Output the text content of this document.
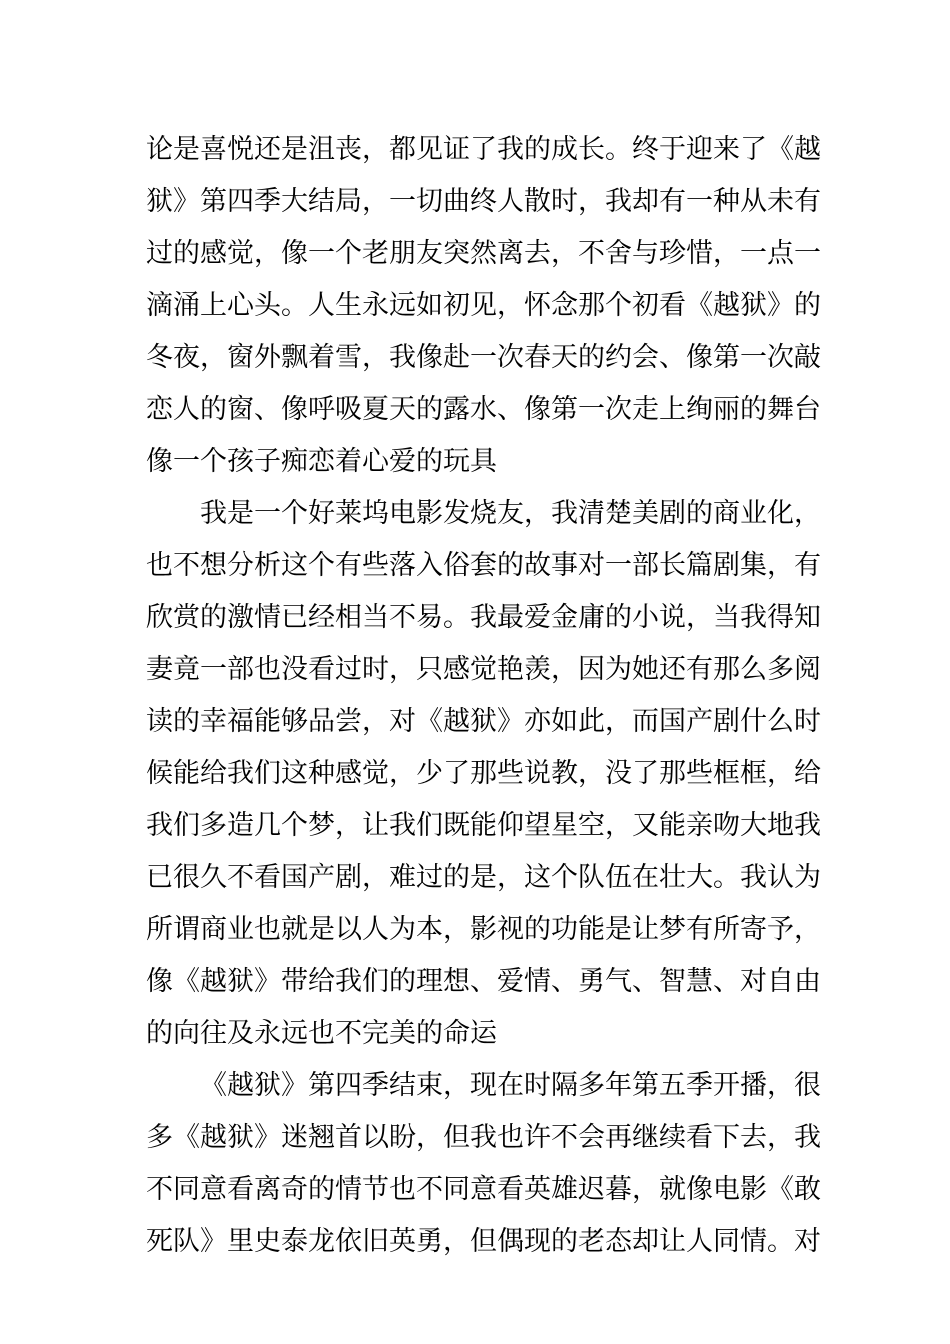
论是喜悦还是沮丧，都见证了我的成长。终于迎来了《越
狱》第四季大结局，一切曲终人散时，我却有一种从未有
过的感觉，像一个老朋友突然离去，不舍与珍惜，一点一
滴涌上心头。人生永远如初见，怀念那个初看《越狱》的
冬夜，窗外飘着雪，我像赴一次春天的约会、像第一次敲
恋人的窗、像呼吸夏天的露水、像第一次走上绚丽的舞台
像一个孩子痴恋着心爱的玩具
我是一个好莱坞电影发烧友，我清楚美剧的商业化，
也不想分析这个有些落入俗套的故事对一部长篇剧集，有
欣赏的激情已经相当不易。我最爱金庸的小说，当我得知
妻竟一部也没看过时，只感觉艳羡，因为她还有那么多阅
读的幸福能够品尝，对《越狱》亦如此，而国产剧什么时
候能给我们这种感觉，少了那些说教，没了那些框框，给
我们多造几个梦，让我们既能仰望星空，又能亲吻大地我
已很久不看国产剧，难过的是，这个队伍在壮大。我认为
所谓商业也就是以人为本，影视的功能是让梦有所寄予，
像《越狱》带给我们的理想、爱情、勇气、智慧、对自由
的向往及永远也不完美的命运
《越狱》第四季结束，现在时隔多年第五季开播，很
多《越狱》迷翘首以盼，但我也许不会再继续看下去，我
不同意看离奇的情节也不同意看英雄迟暮，就像电影《敢
死队》里史泰龙依旧英勇，但偶现的老态却让人同情。对
